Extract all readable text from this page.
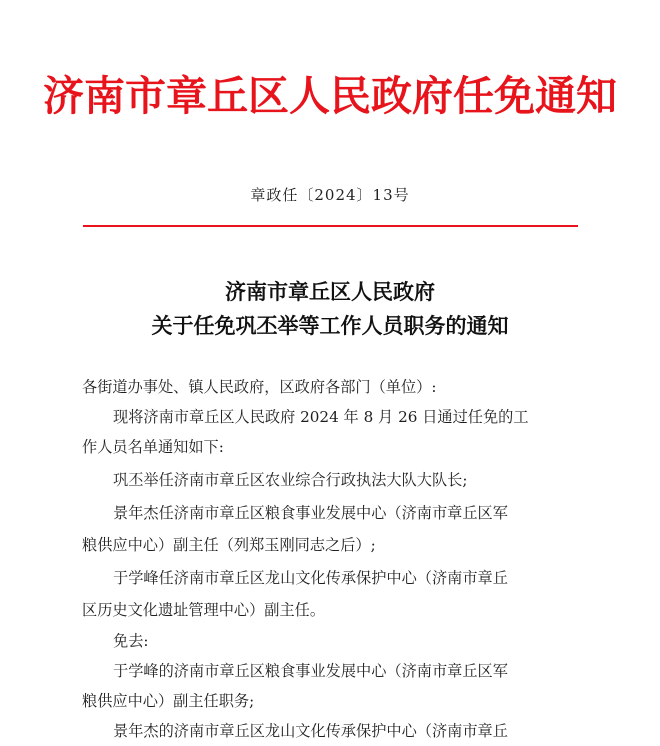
济南市章丘区人民政府任免通知
章政任〔2024〕13号
济南市章丘区人民政府
关于任免巩丕举等工作人员职务的通知
各街道办事处、镇人民政府，区政府各部门（单位）:
现将济南市章丘区人民政府 2024 年 8 月 26 日通过任免的工
作人员名单通知如下:
巩丕举任济南市章丘区农业综合行政执法大队大队长;
景年杰任济南市章丘区粮食事业发展中心（济南市章丘区军
粮供应中心）副主任（列郑玉刚同志之后）;
于学峰任济南市章丘区龙山文化传承保护中心（济南市章丘
区历史文化遗址管理中心）副主任。
免去:
于学峰的济南市章丘区粮食事业发展中心（济南市章丘区军
粮供应中心）副主任职务;
景年杰的济南市章丘区龙山文化传承保护中心（济南市章丘
